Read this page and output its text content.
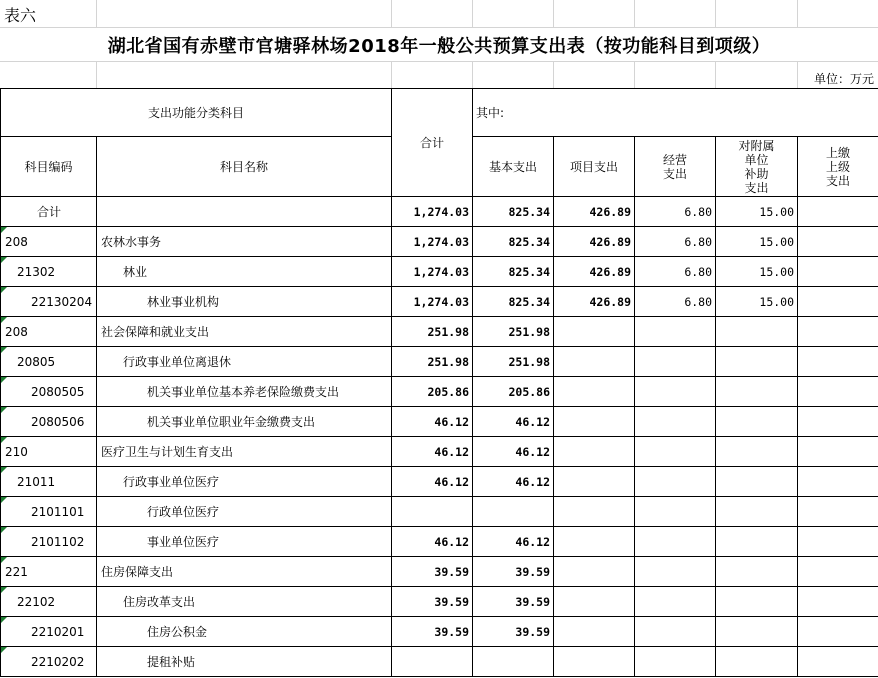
表六
湖北省国有赤壁市官塘驿林场2018年一般公共预算支出表（按功能科目到项级）
单位：万元
支出功能分类科目		合计	其中:				
科目编码	科目名称		基本支出	项目支出	经营
支出	对附属
单位
补助
支出	上缴
上级
支出
合计		1,274.03	825.34	426.89	6.80	15.00	
208	农林水事务	1,274.03	825.34	426.89	6.80	15.00	
21302	林业	1,274.03	825.34	426.89	6.80	15.00	
22130204	林业事业机构	1,274.03	825.34	426.89	6.80	15.00	
208	社会保障和就业支出	251.98	251.98				
20805	行政事业单位离退休	251.98	251.98				
2080505	机关事业单位基本养老保险缴费支出	205.86	205.86				
2080506	机关事业单位职业年金缴费支出	46.12	46.12				
210	医疗卫生与计划生育支出	46.12	46.12				
21011	行政事业单位医疗	46.12	46.12				
2101101	行政单位医疗						
2101102	事业单位医疗	46.12	46.12				
221	住房保障支出	39.59	39.59				
22102	住房改革支出	39.59	39.59				
2210201	住房公积金	39.59	39.59				
2210202	提租补贴						
